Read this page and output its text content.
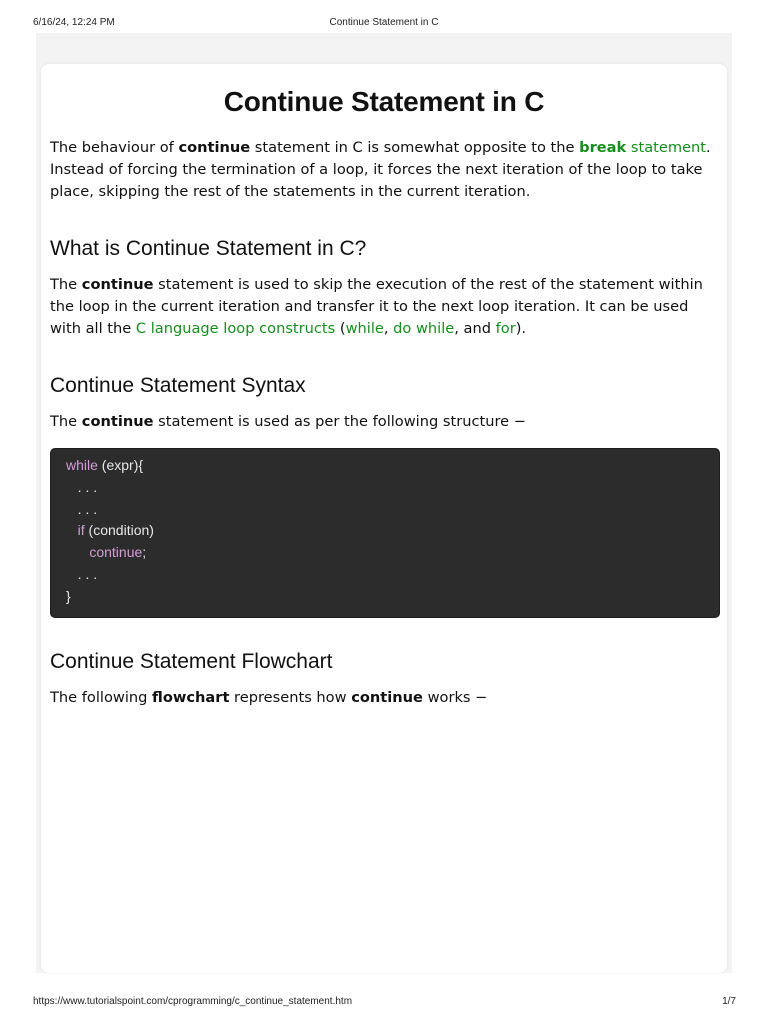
6/16/24, 12:24 PM	Continue Statement in C
Continue Statement in C

The behaviour of continue statement in C is somewhat opposite to the break statement. Instead of forcing the termination of a loop, it forces the next iteration of the loop to take place, skipping the rest of the statements in the current iteration.

What is Continue Statement in C?

The continue statement is used to skip the execution of the rest of the statement within the loop in the current iteration and transfer it to the next loop iteration. It can be used with all the C language loop constructs (while, do while, and for).

Continue Statement Syntax

The continue statement is used as per the following structure −

while (expr){
. . .
. . .
if (condition)
continue;
. . .
}
Continue Statement Flowchart

The following flowchart represents how continue works −

https://www.tutorialspoint.com/cprogramming/c_continue_statement.htm	1/7
